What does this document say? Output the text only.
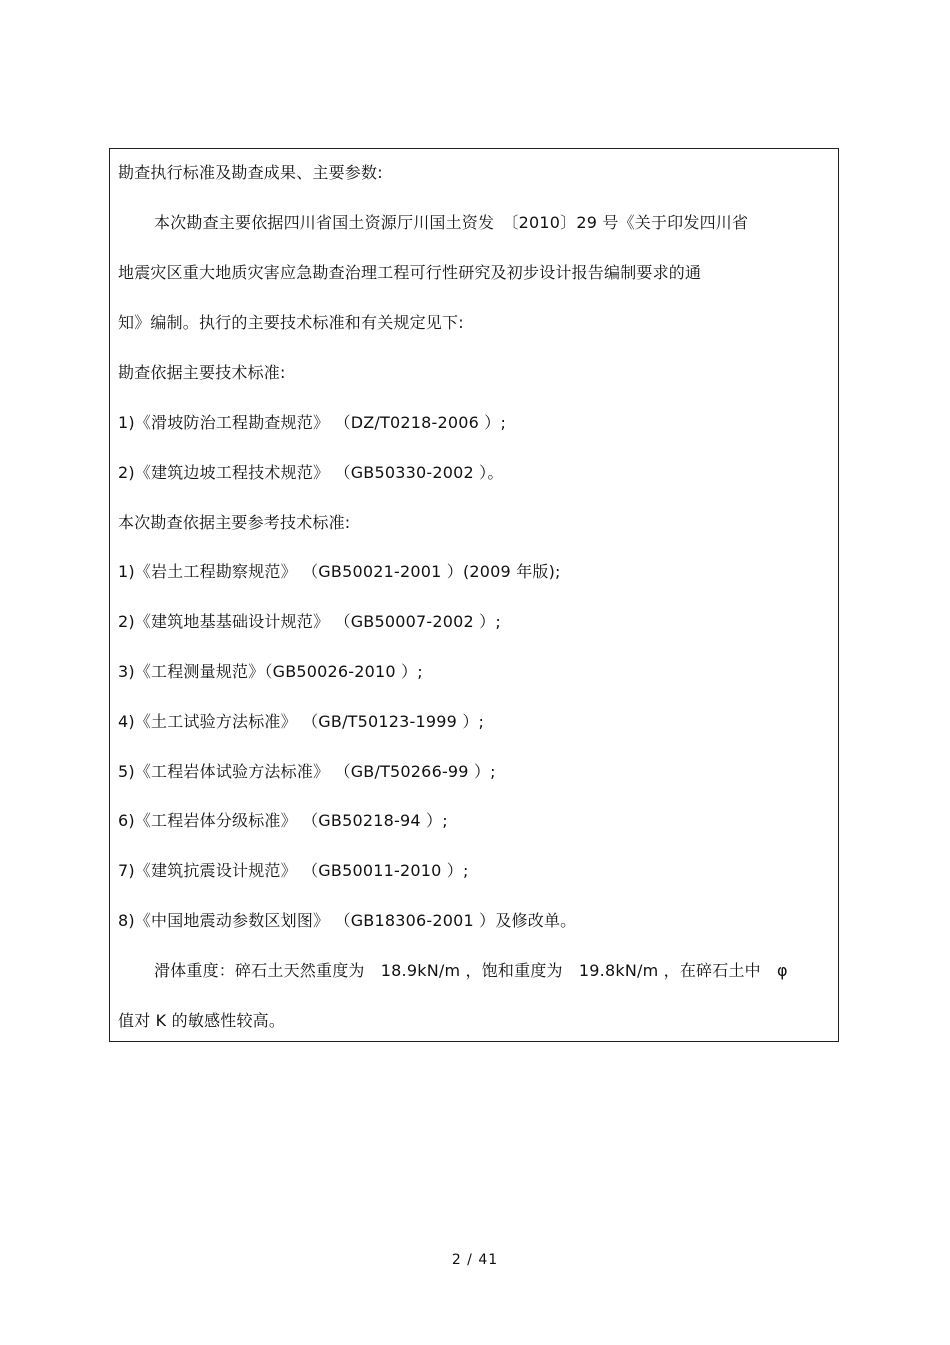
勘查执行标准及勘查成果、主要参数:
本次勘查主要依据四川省国土资源厅川国土资发　〔2010〕29 号《关于印发四川省
地震灾区重大地质灾害应急勘查治理工程可行性研究及初步设计报告编制要求的通
知》编制。执行的主要技术标准和有关规定见下:
勘查依据主要技术标准:
1)《滑坡防治工程勘查规范》 （DZ/T0218-2006 ）;
2)《建筑边坡工程技术规范》 （GB50330-2002 ）。
本次勘查依据主要参考技术标准:
1)《岩土工程勘察规范》 （GB50021-2001 ）(2009 年版);
2)《建筑地基基础设计规范》 （GB50007-2002 ）;
3)《工程测量规范》（GB50026-2010 ）;
4)《土工试验方法标准》 （GB/T50123-1999 ）;
5)《工程岩体试验方法标准》 （GB/T50266-99 ）;
6)《工程岩体分级标准》 （GB50218-94 ）;
7)《建筑抗震设计规范》 （GB50011-2010 ）;
8)《中国地震动参数区划图》 （GB18306-2001 ）及修改单。
滑体重度：碎石土天然重度为　18.9kN/m ，饱和重度为　19.8kN/m ，在碎石土中　φ
值对 K 的敏感性较高。
2 / 41
